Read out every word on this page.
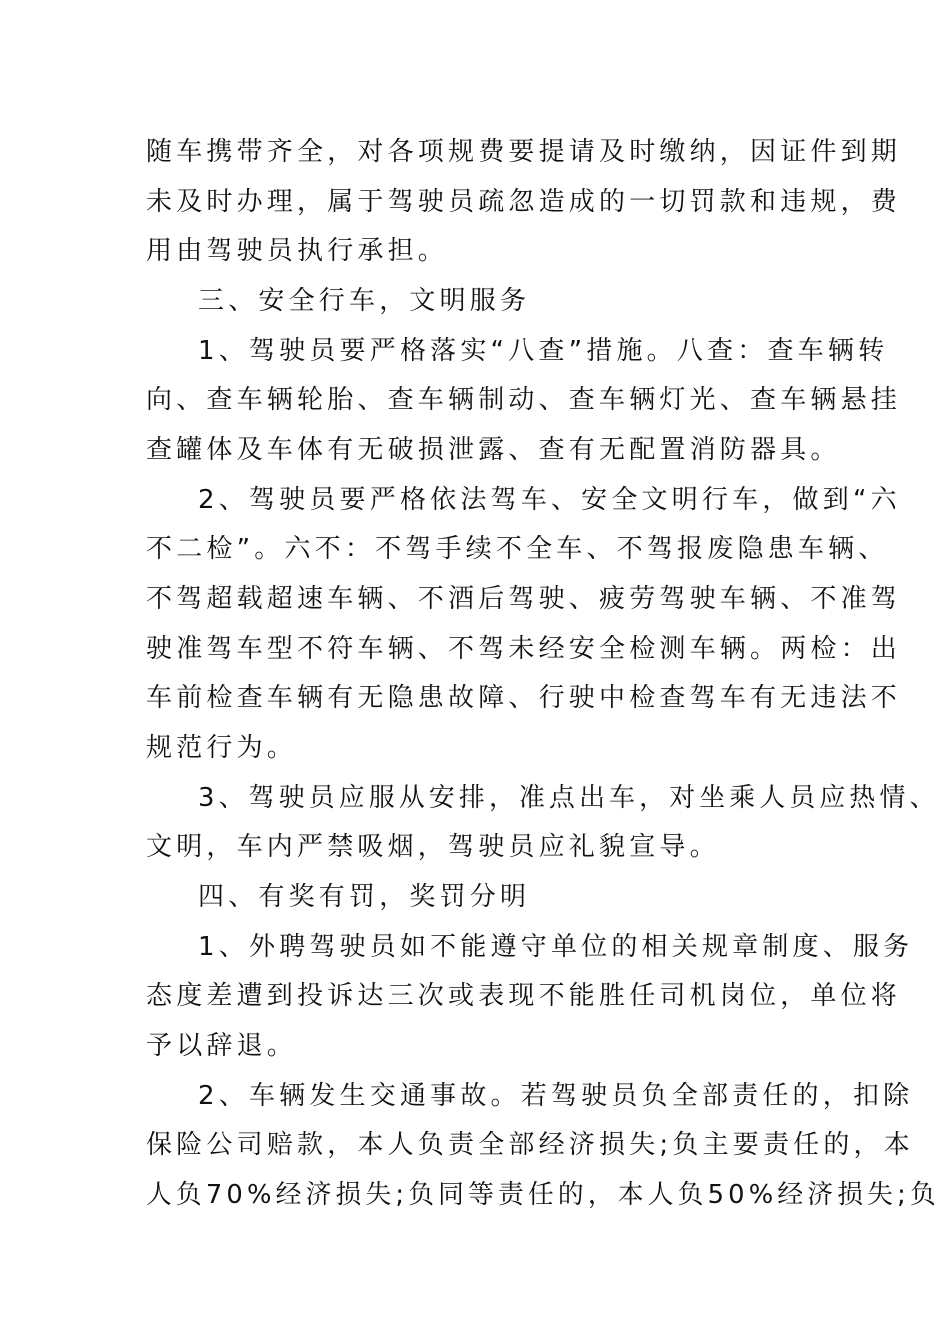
随车携带齐全，对各项规费要提请及时缴纳，因证件到期
未及时办理，属于驾驶员疏忽造成的一切罚款和违规，费
用由驾驶员执行承担。
三、安全行车，文明服务
1、驾驶员要严格落实“八查”措施。八查：查车辆转
向、查车辆轮胎、查车辆制动、查车辆灯光、查车辆悬挂
查罐体及车体有无破损泄露、查有无配置消防器具。
2、驾驶员要严格依法驾车、安全文明行车，做到“六
不二检”。六不：不驾手续不全车、不驾报废隐患车辆、
不驾超载超速车辆、不酒后驾驶、疲劳驾驶车辆、不准驾
驶准驾车型不符车辆、不驾未经安全检测车辆。两检：出
车前检查车辆有无隐患故障、行驶中检查驾车有无违法不
规范行为。
3、驾驶员应服从安排，准点出车，对坐乘人员应热情、
文明，车内严禁吸烟，驾驶员应礼貌宣导。
四、有奖有罚，奖罚分明
1、外聘驾驶员如不能遵守单位的相关规章制度、服务
态度差遭到投诉达三次或表现不能胜任司机岗位，单位将
予以辞退。
2、车辆发生交通事故。若驾驶员负全部责任的，扣除
保险公司赔款，本人负责全部经济损失;负主要责任的，本
人负70%经济损失;负同等责任的，本人负50%经济损失;负
